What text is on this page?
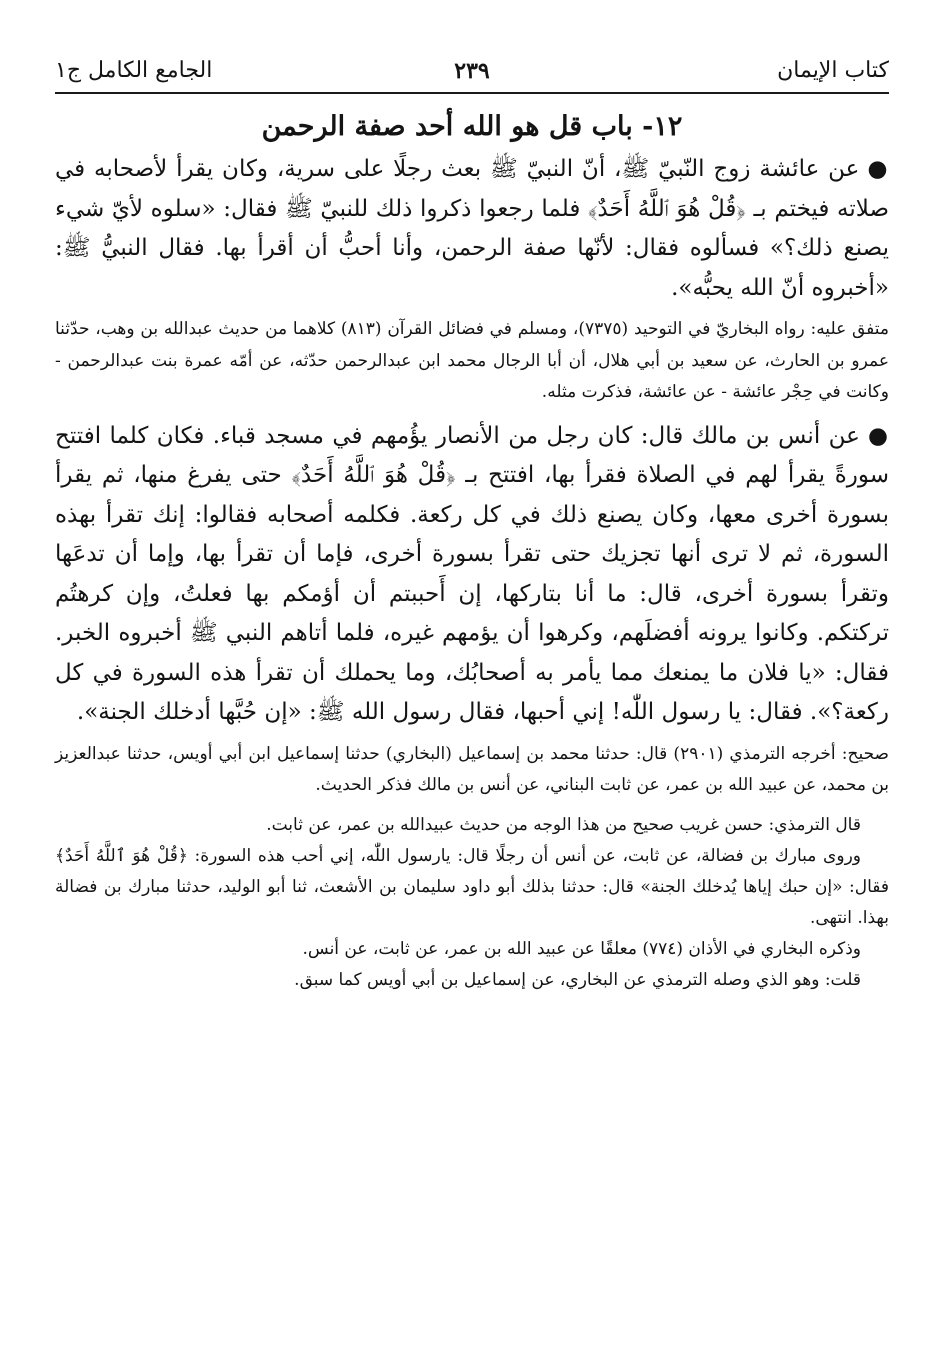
كتاب الإيمان
٢٣٩
الجامع الكامل ج١
١٢- باب قل هو الله أحد صفة الرحمن

●عن عائشة زوج النّبيّ ﷺ، أنّ النبيّ ﷺ بعث رجلًا على سرية، وكان يقرأ لأصحابه في صلاته فيختم بـ ﴿قُلْ هُوَ ٱللَّهُ أَحَدٌ﴾ فلما رجعوا ذكروا ذلك للنبيّ ﷺ فقال: «سلوه لأيّ شيء يصنع ذلك؟» فسألوه فقال: لأنّها صفة الرحمن، وأنا أحبُّ أن أقرأ بها. فقال النبيُّ ﷺ: «أخبروه أنّ الله يحبُّه».

متفق عليه: رواه البخاريّ في التوحيد (٧٣٧٥)، ومسلم في فضائل القرآن (٨١٣) كلاهما من حديث عبدالله بن وهب، حدّثنا عمرو بن الحارث، عن سعيد بن أبي هلال، أن أبا الرجال محمد ابن عبدالرحمن حدّثه، عن أمّه عمرة بنت عبدالرحمن - وكانت في حِجْر عائشة - عن عائشة، فذكرت مثله.

●عن أنس بن مالك قال: كان رجل من الأنصار يؤُمهم في مسجد قباء. فكان كلما افتتح سورةً يقرأ لهم في الصلاة فقرأ بها، افتتح بـ ﴿قُلْ هُوَ ٱللَّهُ أَحَدٌ﴾ حتى يفرغ منها، ثم يقرأ بسورة أخرى معها، وكان يصنع ذلك في كل ركعة. فكلمه أصحابه فقالوا: إنك تقرأ بهذه السورة، ثم لا ترى أنها تجزيك حتى تقرأ بسورة أخرى، فإما أن تقرأ بها، وإما أن تدعَها وتقرأ بسورة أخرى، قال: ما أنا بتاركها، إن أَحببتم أن أؤمكم بها فعلتُ، وإن كرهتُم تركتكم. وكانوا يرونه أفضلَهم، وكرهوا أن يؤمهم غيره، فلما أتاهم النبي ﷺ أخبروه الخبر. فقال: «يا فلان ما يمنعك مما يأمر به أصحابُك، وما يحملك أن تقرأ هذه السورة في كل ركعة؟». فقال: يا رسول اللّٰه! إني أحبها، فقال رسول الله ﷺ: «إن حُبَّها أدخلك الجنة».

صحيح: أخرجه الترمذي (٢٩٠١) قال: حدثنا محمد بن إسماعيل (البخاري) حدثنا إسماعيل ابن أبي أويس، حدثنا عبدالعزيز بن محمد، عن عبيد الله بن عمر، عن ثابت البناني، عن أنس بن مالك فذكر الحديث.

قال الترمذي: حسن غريب صحيح من هذا الوجه من حديث عبيدالله بن عمر، عن ثابت.

وروى مبارك بن فضالة، عن ثابت، عن أنس أن رجلًا قال: يارسول اللّٰه، إني أحب هذه السورة: ﴿قُلْ هُوَ ٱللَّهُ أَحَدٌ﴾ فقال: «إن حبك إياها يُدخلك الجنة» قال: حدثنا بذلك أبو داود سليمان بن الأشعث، ثنا أبو الوليد، حدثنا مبارك بن فضالة بهذا. انتهى.

وذكره البخاري في الأذان (٧٧٤) معلقًا عن عبيد الله بن عمر، عن ثابت، عن أنس.

قلت: وهو الذي وصله الترمذي عن البخاري، عن إسماعيل بن أبي أويس كما سبق.
